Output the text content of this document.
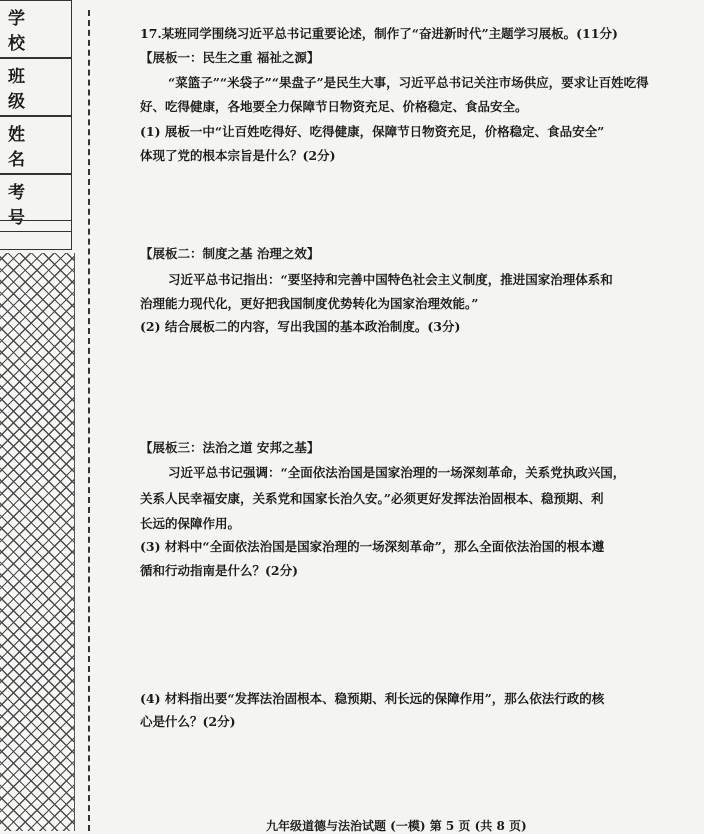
学 校
班 级
姓 名
考 号
17.某班同学围绕习近平总书记重要论述，制作了“奋进新时代”主题学习展板。(11分)
【展板一：民生之重 福祉之源】
“菜篮子”“米袋子”“果盘子”是民生大事，习近平总书记关注市场供应，要求让百姓吃得
好、吃得健康，各地要全力保障节日物资充足、价格稳定、食品安全。
(1) 展板一中“让百姓吃得好、吃得健康，保障节日物资充足，价格稳定、食品安全”
体现了党的根本宗旨是什么？(2分)
【展板二：制度之基 治理之效】
习近平总书记指出：“要坚持和完善中国特色社会主义制度，推进国家治理体系和
治理能力现代化，更好把我国制度优势转化为国家治理效能。”
(2) 结合展板二的内容，写出我国的基本政治制度。(3分)
【展板三：法治之道 安邦之基】
习近平总书记强调：“全面依法治国是国家治理的一场深刻革命，关系党执政兴国，
关系人民幸福安康，关系党和国家长治久安。”必须更好发挥法治固根本、稳预期、利
长远的保障作用。
(3) 材料中“全面依法治国是国家治理的一场深刻革命”，那么全面依法治国的根本遵
循和行动指南是什么？(2分)
(4) 材料指出要“发挥法治固根本、稳预期、利长远的保障作用”，那么依法行政的核
心是什么？(2分)
九年级道德与法治试题 (一模) 第 5 页 (共 8 页)
